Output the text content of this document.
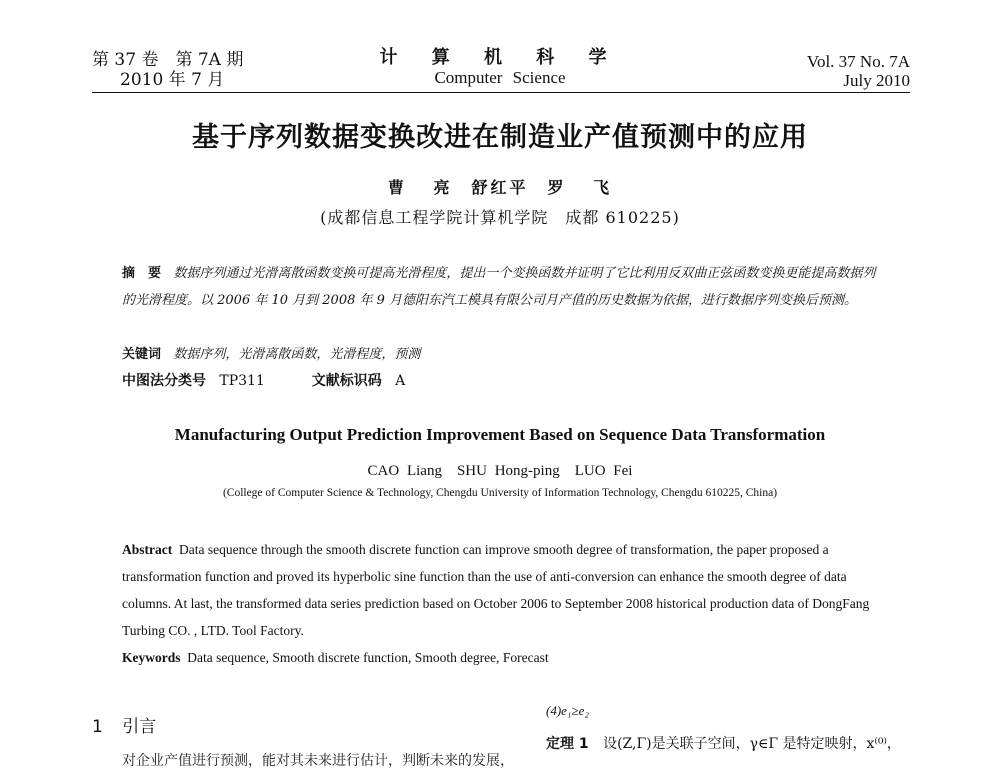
第 37 卷　第 7A 期
2010 年 7 月
计 算 机 科 学
Computer Science
Vol. 37 No. 7A
July 2010
基于序列数据变换改进在制造业产值预测中的应用
曹 亮　舒红平　罗 飞
(成都信息工程学院计算机学院　成都 610225)
摘　要 数据序列通过光滑离散函数变换可提高光滑程度，提出一个变换函数并证明了它比利用反双曲正弦函数变换更能提高数据列的光滑程度。以 2006 年 10 月到 2008 年 9 月德阳东汽工模具有限公司月产值的历史数据为依据，进行数据序列变换后预测。
关键词 数据序列，光滑离散函数，光滑程度，预测
中图法分类号 TP311	文献标识码 A
Manufacturing Output Prediction Improvement Based on Sequence Data Transformation
CAO Liang　SHU Hong-ping　LUO Fei
(College of Computer Science & Technology, Chengdu University of Information Technology, Chengdu 610225, China)
Abstract Data sequence through the smooth discrete function can improve smooth degree of transformation, the paper proposed a transformation function and proved its hyperbolic sine function than the use of anti-conversion can enhance the smooth degree of data columns. At last, the transformed data series prediction based on October 2006 to September 2008 historical production data of DongFang Turbing CO. , LTD. Tool Factory.
Keywords Data sequence, Smooth discrete function, Smooth degree, Forecast
1 引言
(4)e₁≥e₂
定理 1 设(Z,Γ)是关联子空间，γ∈Γ 是特定映射，x⁽⁰⁾，
对企业产值进行预测，能对其未来进行估计，判断未来的发展，
